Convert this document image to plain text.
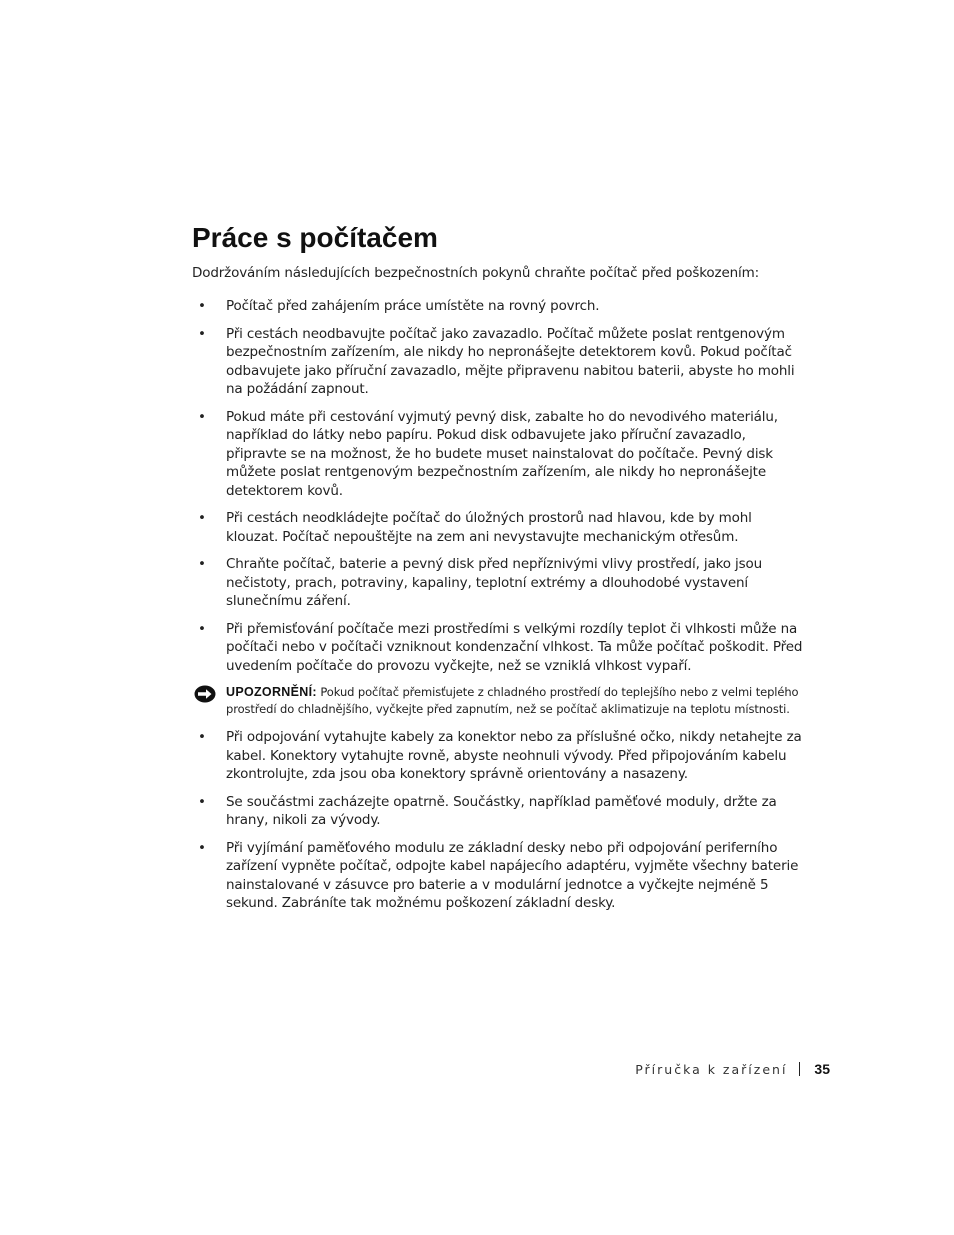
Práce s počítačem

Dodržováním následujících bezpečnostních pokynů chraňte počítač před poškozením:

• Počítač před zahájením práce umístěte na rovný povrch.
• Při cestách neodbavujte počítač jako zavazadlo. Počítač můžete poslat rentgenovým bezpečnostním zařízením, ale nikdy ho nepronášejte detektorem kovů. Pokud počítač odbavujete jako příruční zavazadlo, mějte připravenu nabitou baterii, abyste ho mohli na požádání zapnout.
• Pokud máte při cestování vyjmutý pevný disk, zabalte ho do nevodivého materiálu, například do látky nebo papíru. Pokud disk odbavujete jako příruční zavazadlo, připravte se na možnost, že ho budete muset nainstalovat do počítače. Pevný disk můžete poslat rentgenovým bezpečnostním zařízením, ale nikdy ho nepronášejte detektorem kovů.
• Při cestách neodkládejte počítač do úložných prostorů nad hlavou, kde by mohl klouzat. Počítač nepouštějte na zem ani nevystavujte mechanickým otřesům.
• Chraňte počítač, baterie a pevný disk před nepříznivými vlivy prostředí, jako jsou nečistoty, prach, potraviny, kapaliny, teplotní extrémy a dlouhodobé vystavení slunečnímu záření.
• Při přemisťování počítače mezi prostředími s velkými rozdíly teplot či vlhkosti může na počítači nebo v počítači vzniknout kondenzační vlhkost. Ta může počítač poškodit. Před uvedením počítače do provozu vyčkejte, než se vzniklá vlhkost vypaří.
UPOZORNĚNÍ: Pokud počítač přemisťujete z chladného prostředí do teplejšího nebo z velmi teplého prostředí do chladnějšího, vyčkejte před zapnutím, než se počítač aklimatizuje na teplotu místnosti.
• Při odpojování vytahujte kabely za konektor nebo za příslušné očko, nikdy netahejte za kabel. Konektory vytahujte rovně, abyste neohnuli vývody. Před připojováním kabelu zkontrolujte, zda jsou oba konektory správně orientovány a nasazeny.
• Se součástmi zacházejte opatrně. Součástky, například paměťové moduly, držte za hrany, nikoli za vývody.
• Při vyjímání paměťového modulu ze základní desky nebo při odpojování periferního zařízení vypněte počítač, odpojte kabel napájecího adaptéru, vyjměte všechny baterie nainstalované v zásuvce pro baterie a v modulární jednotce a vyčkejte nejméně 5 sekund. Zabráníte tak možnému poškození základní desky.
Příručka k zařízení 35
